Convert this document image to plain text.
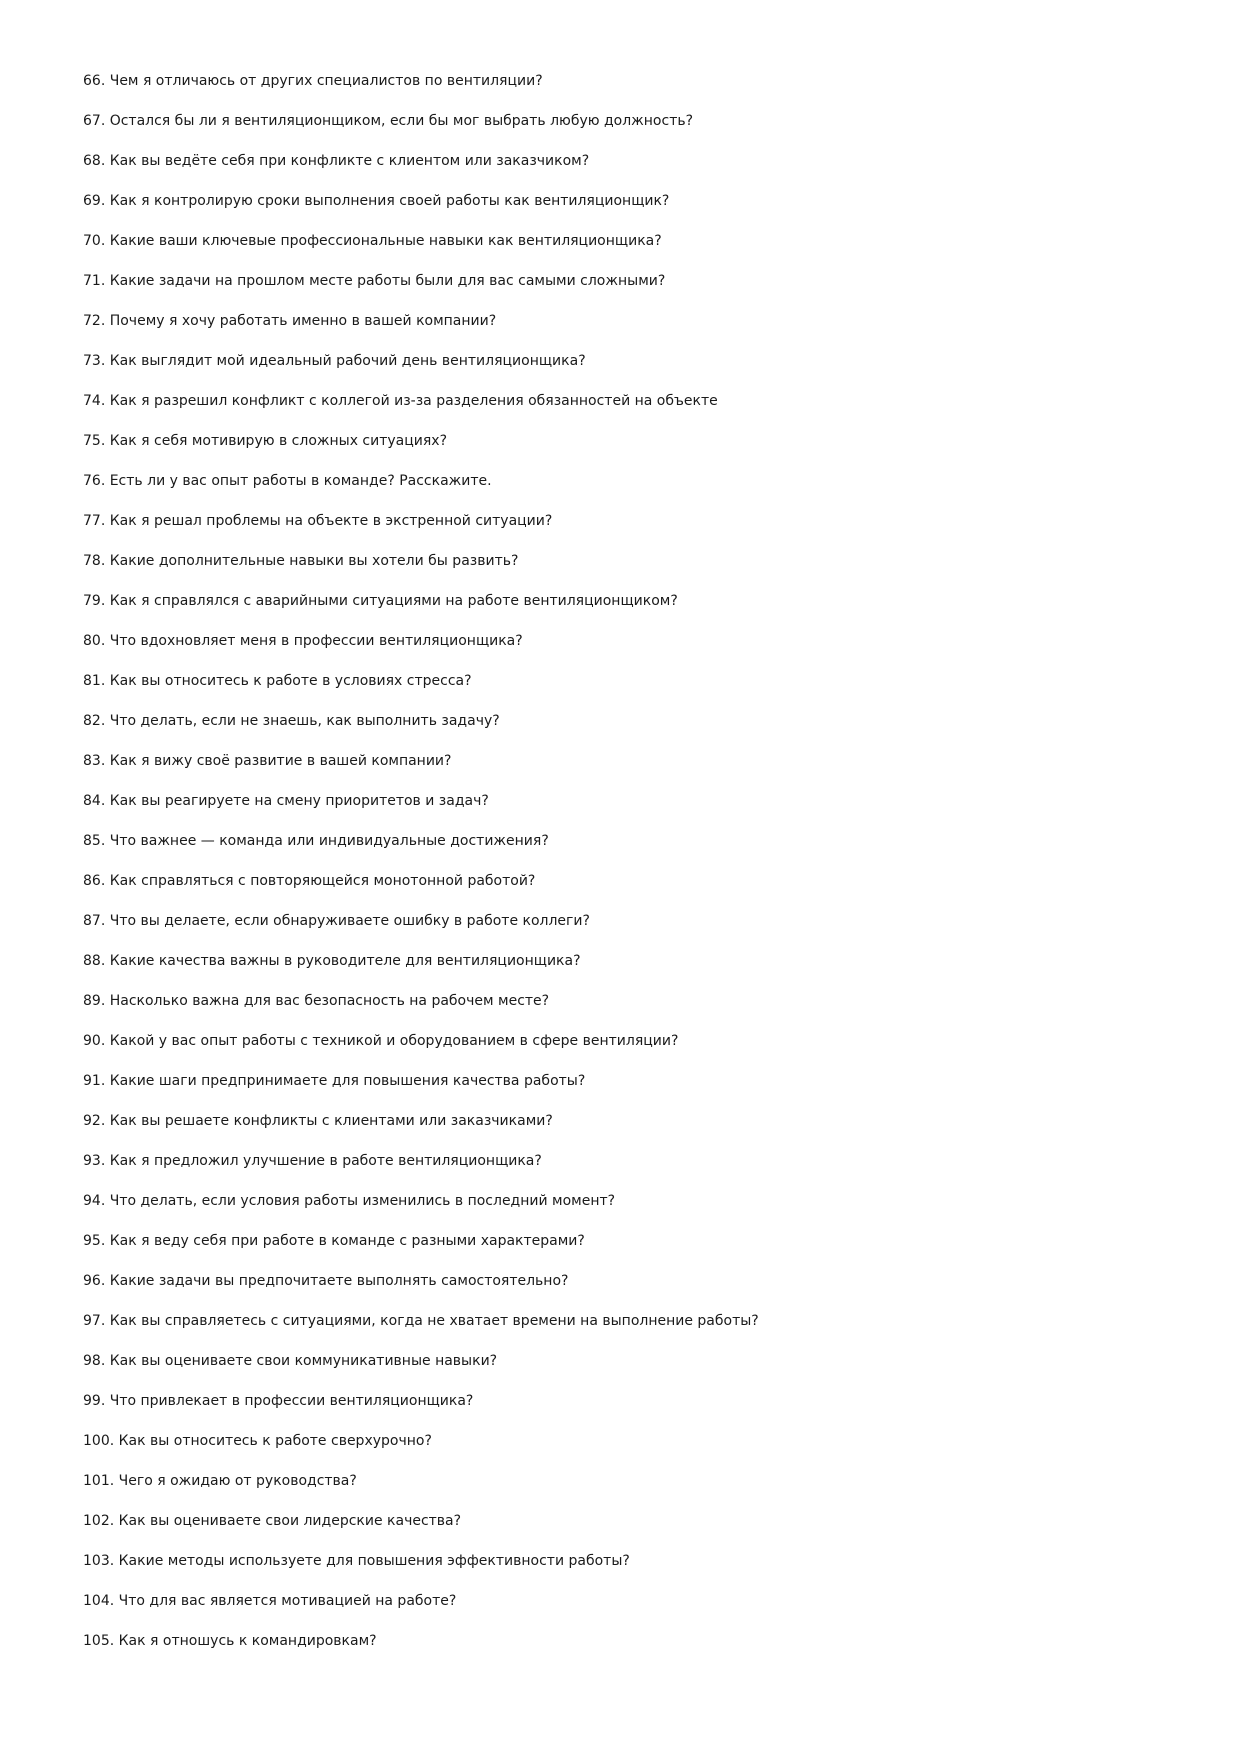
66. Чем я отличаюсь от других специалистов по вентиляции?
67. Остался бы ли я вентиляционщиком, если бы мог выбрать любую должность?
68. Как вы ведёте себя при конфликте с клиентом или заказчиком?
69. Как я контролирую сроки выполнения своей работы как вентиляционщик?
70. Какие ваши ключевые профессиональные навыки как вентиляционщика?
71. Какие задачи на прошлом месте работы были для вас самыми сложными?
72. Почему я хочу работать именно в вашей компании?
73. Как выглядит мой идеальный рабочий день вентиляционщика?
74. Как я разрешил конфликт с коллегой из-за разделения обязанностей на объекте
75. Как я себя мотивирую в сложных ситуациях?
76. Есть ли у вас опыт работы в команде? Расскажите.
77. Как я решал проблемы на объекте в экстренной ситуации?
78. Какие дополнительные навыки вы хотели бы развить?
79. Как я справлялся с аварийными ситуациями на работе вентиляционщиком?
80. Что вдохновляет меня в профессии вентиляционщика?
81. Как вы относитесь к работе в условиях стресса?
82. Что делать, если не знаешь, как выполнить задачу?
83. Как я вижу своё развитие в вашей компании?
84. Как вы реагируете на смену приоритетов и задач?
85. Что важнее — команда или индивидуальные достижения?
86. Как справляться с повторяющейся монотонной работой?
87. Что вы делаете, если обнаруживаете ошибку в работе коллеги?
88. Какие качества важны в руководителе для вентиляционщика?
89. Насколько важна для вас безопасность на рабочем месте?
90. Какой у вас опыт работы с техникой и оборудованием в сфере вентиляции?
91. Какие шаги предпринимаете для повышения качества работы?
92. Как вы решаете конфликты с клиентами или заказчиками?
93. Как я предложил улучшение в работе вентиляционщика?
94. Что делать, если условия работы изменились в последний момент?
95. Как я веду себя при работе в команде с разными характерами?
96. Какие задачи вы предпочитаете выполнять самостоятельно?
97. Как вы справляетесь с ситуациями, когда не хватает времени на выполнение работы?
98. Как вы оцениваете свои коммуникативные навыки?
99. Что привлекает в профессии вентиляционщика?
100. Как вы относитесь к работе сверхурочно?
101. Чего я ожидаю от руководства?
102. Как вы оцениваете свои лидерские качества?
103. Какие методы используете для повышения эффективности работы?
104. Что для вас является мотивацией на работе?
105. Как я отношусь к командировкам?
